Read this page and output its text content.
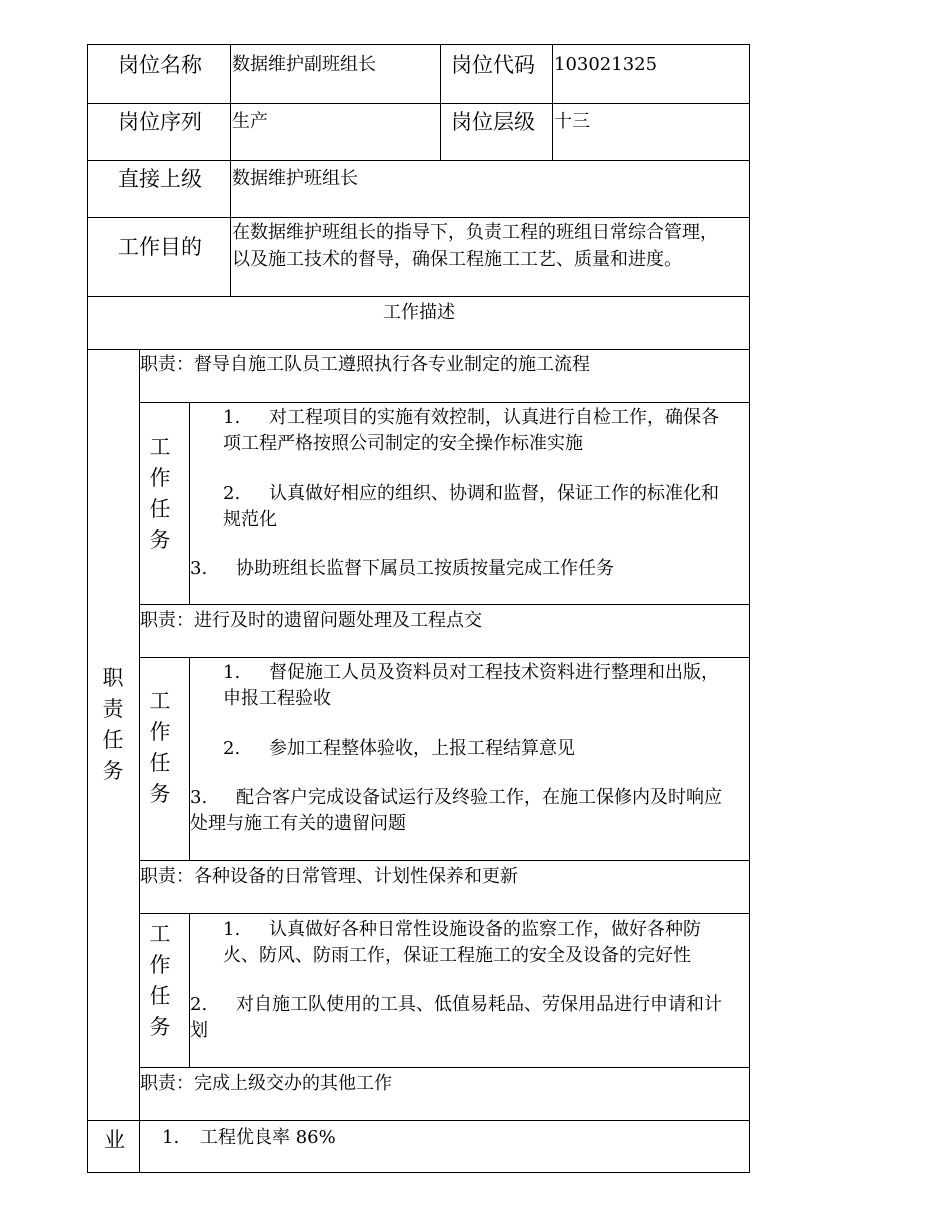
岗位名称 数据维护副班组长	岗位代码 103021325
岗位序列 生产	岗位层级 十三
直接上级 数据维护班组长
工作目的
在数据维护班组长的指导下，负责工程的班组日常综合管理，
以及施工技术的督导，确保工程施工工艺、质量和进度。
工作描述
职
责
任
务
职责：督导自施工队员工遵照执行各专业制定的施工流程
工
作
任
务
1. 对工程项目的实施有效控制，认真进行自检工作，确保各
项工程严格按照公司制定的安全操作标准实施
2. 认真做好相应的组织、协调和监督，保证工作的标准化和
规范化
3. 协助班组长监督下属员工按质按量完成工作任务
职责：进行及时的遗留问题处理及工程点交
工
作
任
务
1. 督促施工人员及资料员对工程技术资料进行整理和出版，
申报工程验收
2. 参加工程整体验收，上报工程结算意见
3. 配合客户完成设备试运行及终验工作，在施工保修内及时响应
处理与施工有关的遗留问题
职责：各种设备的日常管理、计划性保养和更新
工
作
任
务
1. 认真做好各种日常性设施设备的监察工作，做好各种防
火、防风、防雨工作，保证工程施工的安全及设备的完好性
2. 对自施工队使用的工具、低值易耗品、劳保用品进行申请和计
划
职责：完成上级交办的其他工作
业 1. 工程优良率 86%
